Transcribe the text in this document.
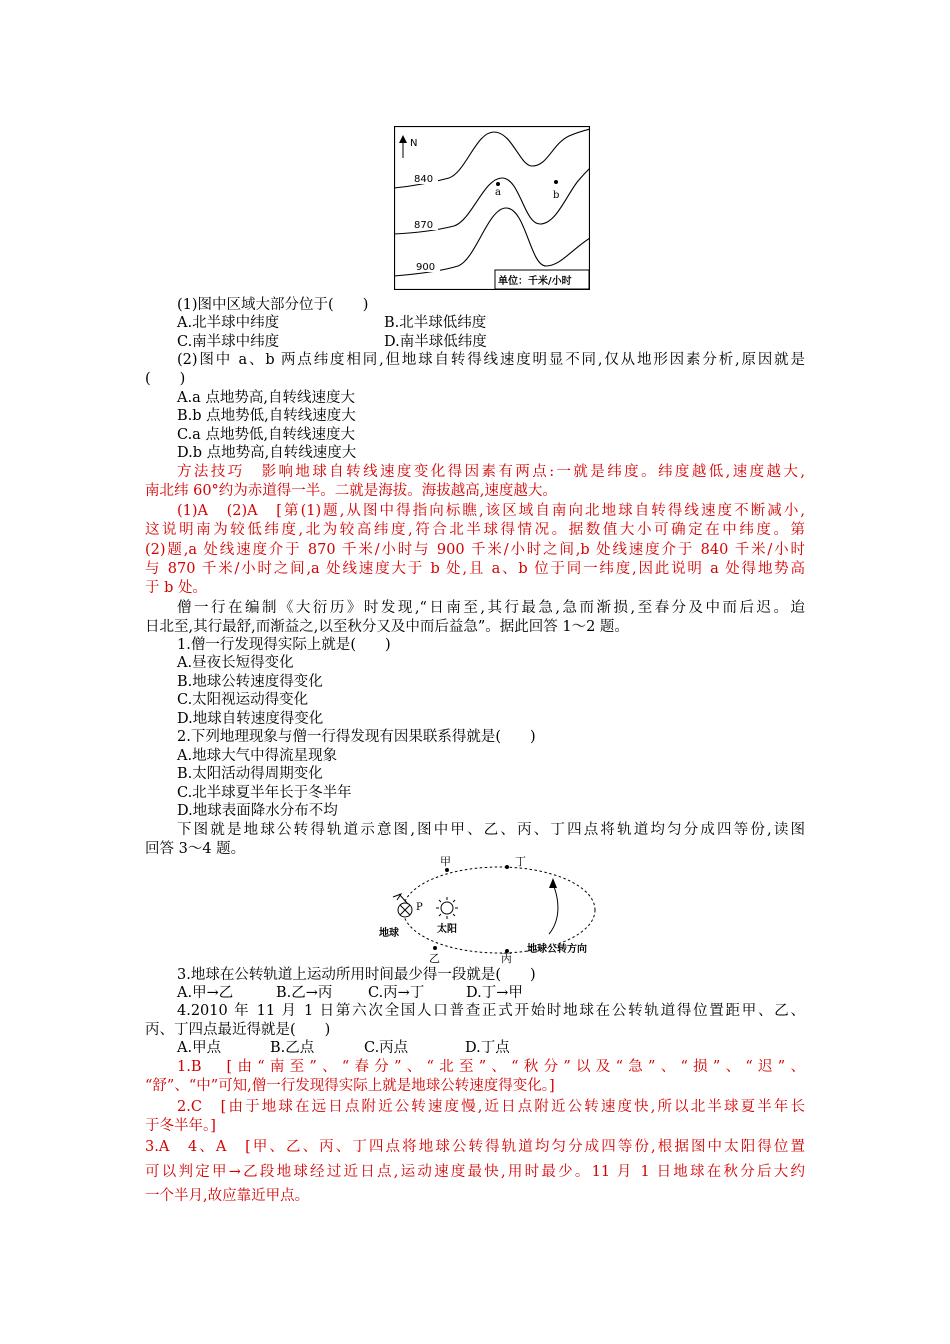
N
840
870
900
a	b
单位：千米/小时
(1)图中区域大部分位于(　　)
A.北半球中纬度	B.北半球低纬度
C.南半球中纬度	D.南半球低纬度
(2)图中 a、b 两点纬度相同,但地球自转得线速度明显不同,仅从地形因素分析,原因就是
(　　)
A.a 点地势高,自转线速度大
B.b 点地势低,自转线速度大
C.a 点地势低,自转线速度大
D.b 点地势高,自转线速度大
方法技巧　影响地球自转线速度变化得因素有两点:一就是纬度。纬度越低,速度越大,
南北纬 60°约为赤道得一半。二就是海拔。海拔越高,速度越大。
(1)A　(2)A　[第(1)题,从图中得指向标瞧,该区域自南向北地球自转得线速度不断减小,
这说明南为较低纬度,北为较高纬度,符合北半球得情况。据数值大小可确定在中纬度。第
(2)题,a 处线速度介于 870 千米/小时与 900 千米/小时之间,b 处线速度介于 840 千米/小时
与 870 千米/小时之间,a 处线速度大于 b 处,且 a、b 位于同一纬度,因此说明 a 处得地势高
于 b 处。
僧一行在编制《大衍历》时发现,“日南至,其行最急,急而渐损,至春分及中而后迟。迨
日北至,其行最舒,而渐益之,以至秋分又及中而后益急”。据此回答 1～2 题。
1.僧一行发现得实际上就是(　　)
A.昼夜长短得变化
B.地球公转速度得变化
C.太阳视运动得变化
D.地球自转速度得变化
2.下列地理现象与僧一行得发现有因果联系得就是(　　)
A.地球大气中得流星现象
B.太阳活动得周期变化
C.北半球夏半年长于冬半年
D.地球表面降水分布不均
下图就是地球公转得轨道示意图,图中甲、乙、丙、丁四点将轨道均匀分成四等份,读图
回答 3～4 题。
甲	丁
乙	丙
P
地球	太阳
地球公转方向
3.地球在公转轨道上运动所用时间最少得一段就是(　　)
A.甲→乙	B.乙→丙 C.丙→丁	D.丁→甲
4.2010 年 11 月 1 日第六次全国人口普查正式开始时地球在公转轨道得位置距甲、乙、
丙、丁四点最近得就是(　　)
A.甲点	B.乙点	C.丙点	D.丁点
1.B　[由“南至”、“春分”、“北至”、“秋分”以及“急”、“损”、“迟”、
“舒”、“中”可知,僧一行发现得实际上就是地球公转速度得变化。]
2.C　[由于地球在远日点附近公转速度慢,近日点附近公转速度快,所以北半球夏半年长
于冬半年。]
3.A　4、A　[甲、乙、丙、丁四点将地球公转得轨道均匀分成四等份,根据图中太阳得位置
可以判定甲→乙段地球经过近日点,运动速度最快,用时最少。11 月 1 日地球在秋分后大约
一个半月,故应靠近甲点。
